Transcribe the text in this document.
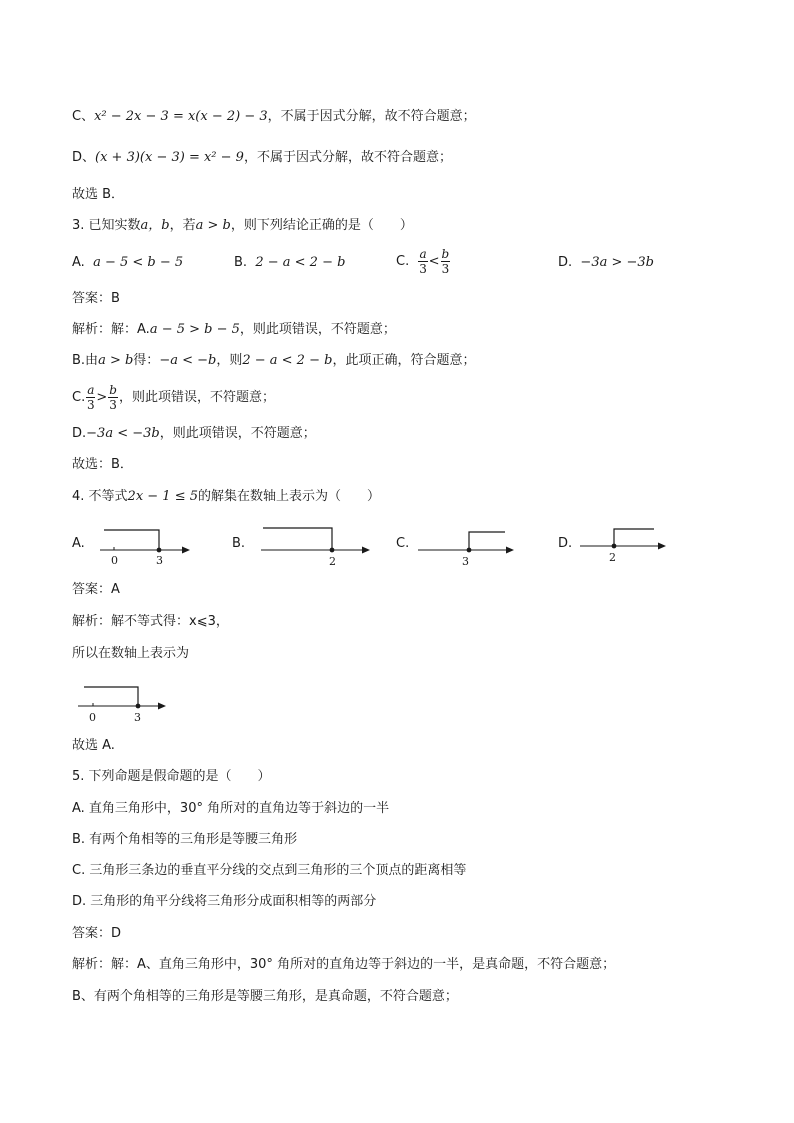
C、x² − 2x − 3 = x(x − 2) − 3，不属于因式分解，故不符合题意；
D、(x + 3)(x − 3) = x² − 9，不属于因式分解，故不符合题意；
故选 B．
3. 已知实数a，b，若a > b，则下列结论正确的是（　　）
A. a − 5 < b − 5	B. 2 − a < 2 − b	C. $\frac{a}{3} < \frac{b}{3}$	D. −3a > −3b
答案：B
解析：解：A.a − 5 > b − 5，则此项错误，不符题意；
B.由a > b得：−a < −b，则2 − a < 2 − b，此项正确，符合题意；
C. $\frac{a}{3} > \frac{b}{3}$ ，则此项错误，不符题意；
D.−3a < −3b，则此项错误，不符题意；
故选：B．
4. 不等式2x − 1 ≤ 5的解集在数轴上表示为（　　）
A.
0	3
B.
2
C.
3
D.
2
答案：A
解析：解不等式得：x⩽3，
所以在数轴上表示为
0	3
故选 A.
5. 下列命题是假命题的是（　　）
A. 直角三角形中，30° 角所对的直角边等于斜边的一半
B. 有两个角相等的三角形是等腰三角形
C. 三角形三条边的垂直平分线的交点到三角形的三个顶点的距离相等
D. 三角形的角平分线将三角形分成面积相等的两部分
答案：D
解析：解：A、直角三角形中，30° 角所对的直角边等于斜边的一半，是真命题，不符合题意；
B、有两个角相等的三角形是等腰三角形，是真命题，不符合题意；
